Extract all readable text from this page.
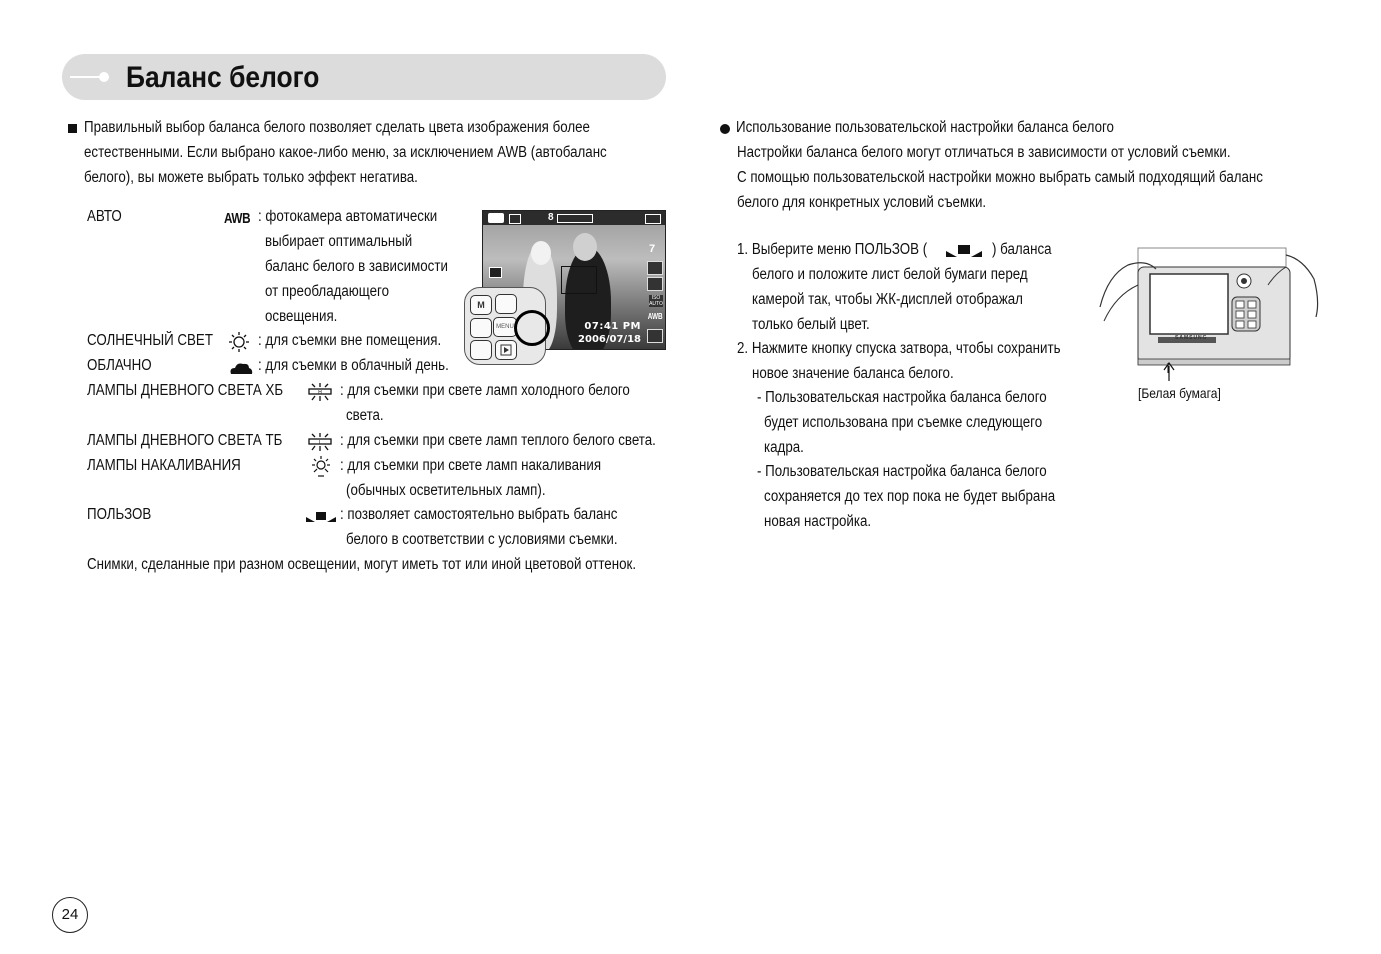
Баланс белого
Правильный выбор баланса белого позволяет сделать цвета изображения более
естественными. Если выбрано какое-либо меню, за исключением AWB (автобаланс
белого), вы можете выбрать только эффект негатива.
АВТО	AWB : фотокамера автоматически
выбирает оптимальный
баланс белого в зависимости
от преобладающего
освещения.
СОЛНЕЧНЫЙ СВЕТ	: для съемки вне помещения.
ОБЛАЧНО	: для съемки в облачный день.
ЛАМПЫ ДНЕВНОГО СВЕТА ХБ	H : для съемки при свете ламп холодного белого
света.
ЛАМПЫ ДНЕВНОГО СВЕТА ТБ	L : для съемки при свете ламп теплого белого света.
ЛАМПЫ НАКАЛИВАНИЯ	: для съемки при свете ламп накаливания
(обычных осветительных ламп).
ПОЛЬЗОВ	: позволяет самостоятельно выбрать баланс
белого в соответствии с условиями съемки.
Снимки, сделанные при разном освещении, могут иметь тот или иной цветовой оттенок.
8
7
ISO AUTO
AWB
07:41 PM
2006/07/18
M
MENU
Использование пользовательской настройки баланса белого
Настройки баланса белого могут отличаться в зависимости от условий съемки.
С помощью пользовательской настройки можно выбрать самый подходящий баланс
белого для конкретных условий съемки.
1. Выберите меню ПОЛЬЗОВ (	) баланса
белого и положите лист белой бумаги перед
камерой так, чтобы ЖК-дисплей отображал
только белый цвет.
2. Нажмите кнопку спуска затвора, чтобы сохранить
новое значение баланса белого.
- Пользовательская настройка баланса белого
будет использована при съемке следующего
кадра.
- Пользовательская настройка баланса белого
сохраняется до тех пор пока не будет выбрана
новая настройка.
SAMSUNG
[Белая бумага]
24
